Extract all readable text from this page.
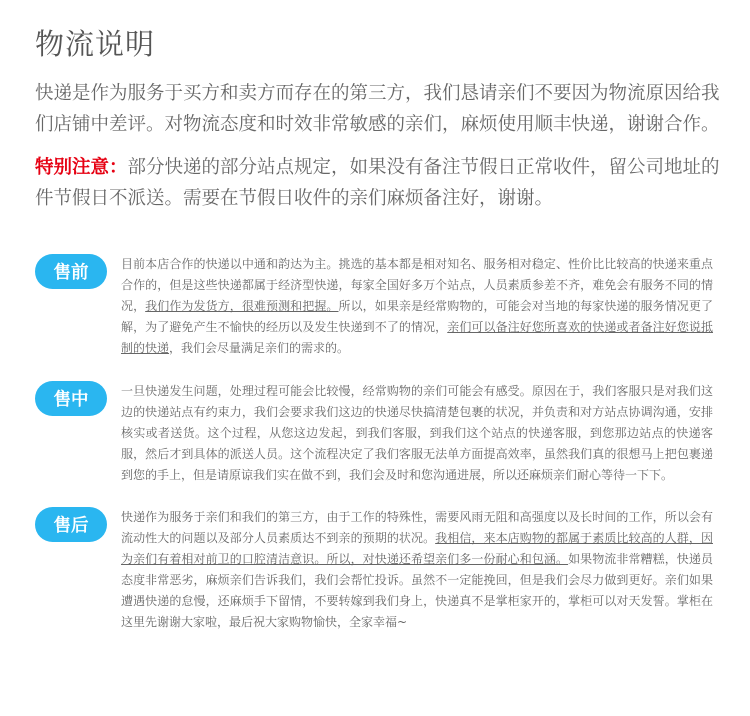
物流说明
快递是作为服务于买方和卖方而存在的第三方，我们恳请亲们不要因为物流原因给我们店铺中差评。对物流态度和时效非常敏感的亲们，麻烦使用顺丰快递，谢谢合作。
特别注意：部分快递的部分站点规定，如果没有备注节假日正常收件，留公司地址的件节假日不派送。需要在节假日收件的亲们麻烦备注好，谢谢。
售前	目前本店合作的快递以中通和韵达为主。挑选的基本都是相对知名、服务相对稳定、性价比比较高的快递来重点合作的，但是这些快递都属于经济型快递，每家全国好多万个站点，人员素质参差不齐，难免会有服务不同的情况，我们作为发货方，很难预测和把握。所以，如果亲是经常购物的，可能会对当地的每家快递的服务情况更了解，为了避免产生不愉快的经历以及发生快递到不了的情况，亲们可以备注好您所喜欢的快递或者备注好您说抵制的快递，我们会尽量满足亲们的需求的。
售中	一旦快递发生问题，处理过程可能会比较慢，经常购物的亲们可能会有感受。原因在于，我们客服只是对我们这边的快递站点有约束力，我们会要求我们这边的快递尽快搞清楚包裹的状况，并负责和对方站点协调沟通，安排核实或者送货。这个过程，从您这边发起，到我们客服，到我们这个站点的快递客服，到您那边站点的快递客服，然后才到具体的派送人员。这个流程决定了我们客服无法单方面提高效率，虽然我们真的很想马上把包裹递到您的手上，但是请原谅我们实在做不到，我们会及时和您沟通进展，所以还麻烦亲们耐心等待一下下。
售后	快递作为服务于亲们和我们的第三方，由于工作的特殊性，需要风雨无阻和高强度以及长时间的工作，所以会有流动性大的问题以及部分人员素质达不到亲的预期的状况。我相信，来本店购物的都属于素质比较高的人群，因为亲们有着相对前卫的口腔清洁意识。所以，对快递还希望亲们多一份耐心和包涵。如果物流非常糟糕，快递员态度非常恶劣，麻烦亲们告诉我们，我们会帮忙投诉。虽然不一定能挽回，但是我们会尽力做到更好。亲们如果遭遇快递的怠慢，还麻烦手下留情，不要转嫁到我们身上，快递真不是掌柜家开的，掌柜可以对天发誓。掌柜在这里先谢谢大家啦，最后祝大家购物愉快，全家幸福~
